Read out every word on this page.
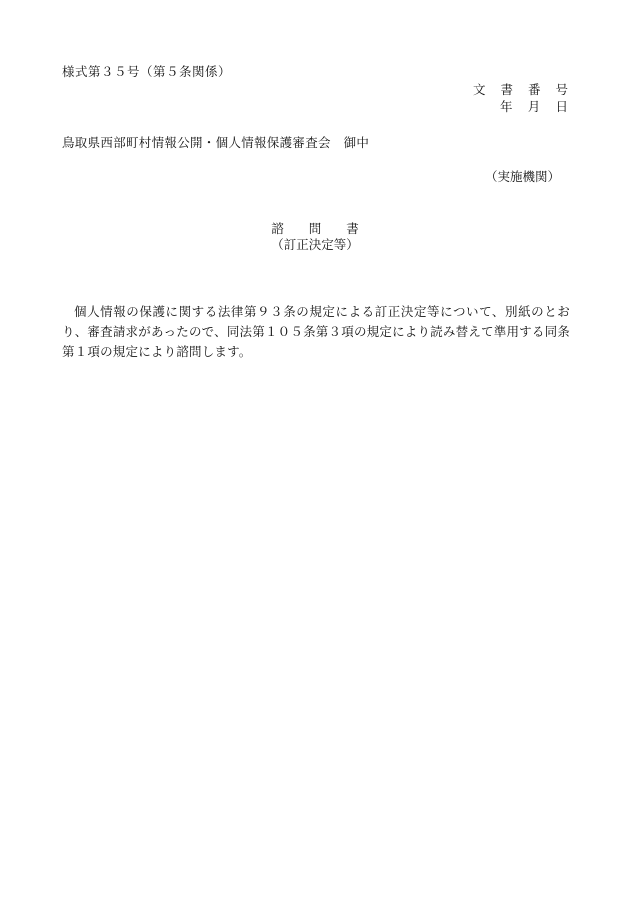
様式第３５号（第５条関係）
文 書 番 号
年 月 日
鳥取県西部町村情報公開・個人情報保護審査会　御中
（実施機関）
諮　　問　　書
（訂正決定等）
個人情報の保護に関する法律第９３条の規定による訂正決定等について、別紙のとおり、審査請求があったので、同法第１０５条第３項の規定により読み替えて準用する同条第１項の規定により諮問します。
